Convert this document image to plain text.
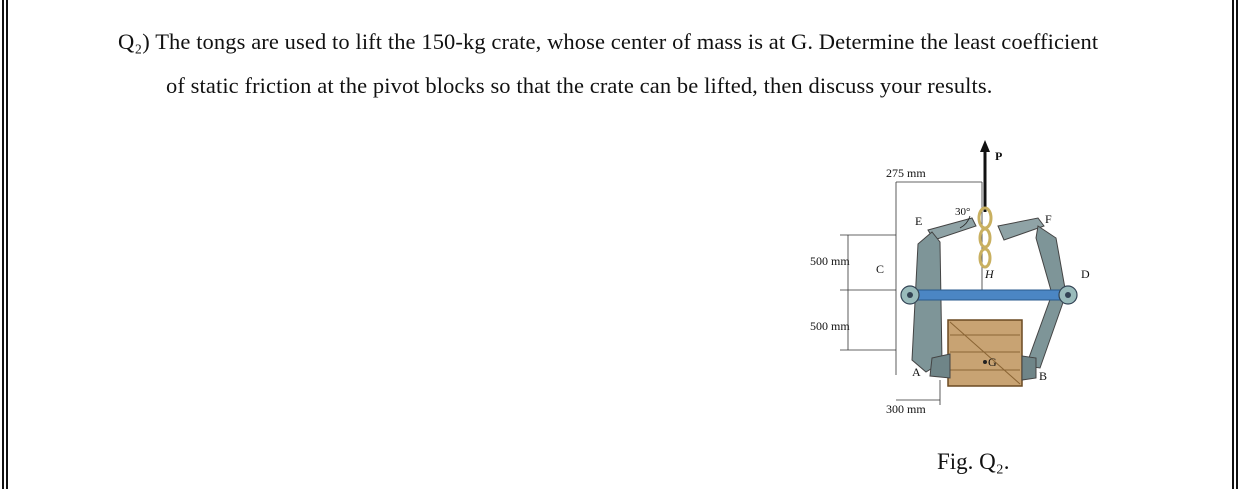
Q₂) The tongs are used to lift the 150-kg crate, whose center of mass is at G. Determine the least coefficient
of static friction at the pivot blocks so that the crate can be lifted, then discuss your results.
275 mm
30°
P
E	F
C	H	D
500 mm
500 mm
A
G
B
300 mm
Fig. Q₂.
